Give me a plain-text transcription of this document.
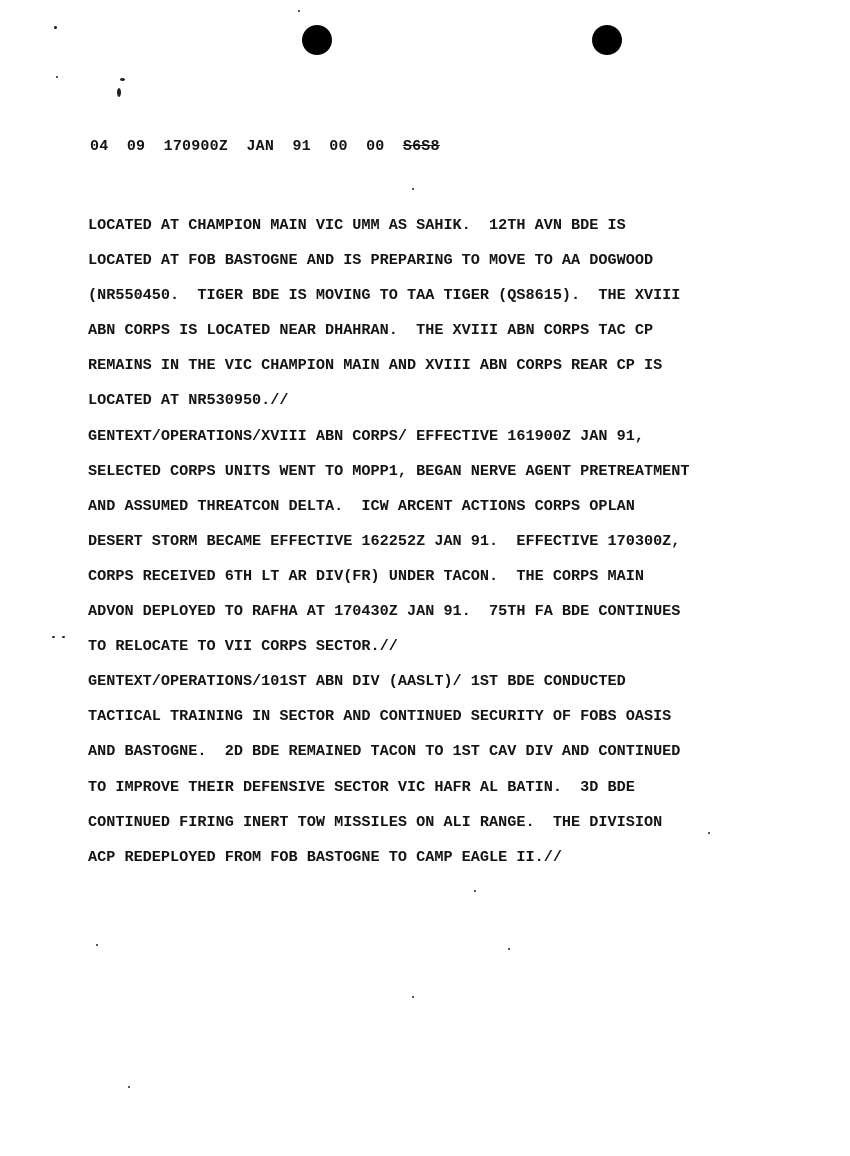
04 09 170900Z JAN 91 00 00 S6S8
LOCATED AT CHAMPION MAIN VIC UMM AS SAHIK.  12TH AVN BDE IS
LOCATED AT FOB BASTOGNE AND IS PREPARING TO MOVE TO AA DOGWOOD
(NR550450.  TIGER BDE IS MOVING TO TAA TIGER (QS8615).  THE XVIII
ABN CORPS IS LOCATED NEAR DHAHRAN.  THE XVIII ABN CORPS TAC CP
REMAINS IN THE VIC CHAMPION MAIN AND XVIII ABN CORPS REAR CP IS
LOCATED AT NR530950.//
GENTEXT/OPERATIONS/XVIII ABN CORPS/ EFFECTIVE 161900Z JAN 91,
SELECTED CORPS UNITS WENT TO MOPP1, BEGAN NERVE AGENT PRETREATMENT
AND ASSUMED THREATCON DELTA.  ICW ARCENT ACTIONS CORPS OPLAN
DESERT STORM BECAME EFFECTIVE 162252Z JAN 91.  EFFECTIVE 170300Z,
CORPS RECEIVED 6TH LT AR DIV(FR) UNDER TACON.  THE CORPS MAIN
ADVON DEPLOYED TO RAFHA AT 170430Z JAN 91.  75TH FA BDE CONTINUES
TO RELOCATE TO VII CORPS SECTOR.//
GENTEXT/OPERATIONS/101ST ABN DIV (AASLT)/ 1ST BDE CONDUCTED
TACTICAL TRAINING IN SECTOR AND CONTINUED SECURITY OF FOBS OASIS
AND BASTOGNE.  2D BDE REMAINED TACON TO 1ST CAV DIV AND CONTINUED
TO IMPROVE THEIR DEFENSIVE SECTOR VIC HAFR AL BATIN.  3D BDE
CONTINUED FIRING INERT TOW MISSILES ON ALI RANGE.  THE DIVISION
ACP REDEPLOYED FROM FOB BASTOGNE TO CAMP EAGLE II.//
